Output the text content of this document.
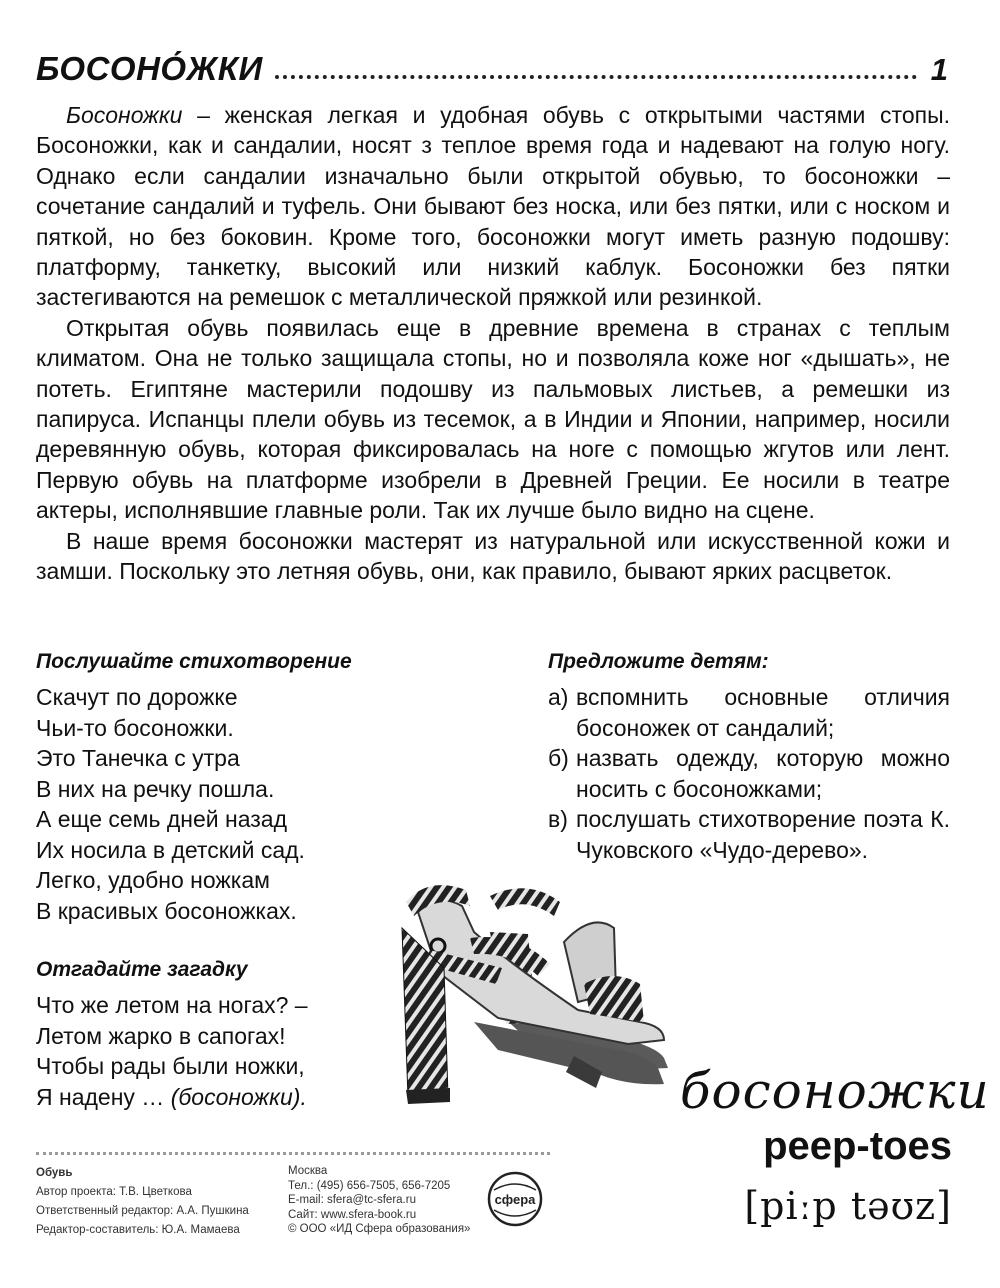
БОСОНО́ЖКИ	1

Босоножки – женская легкая и удобная обувь с открытыми частями стопы. Босоножки, как и сандалии, носят з теплое время года и надевают на голую ногу. Однако если сандалии изначально были открытой обувью, то босоножки – сочетание сандалий и туфель. Они бывают без носка, или без пятки, или с носком и пяткой, но без боковин. Кроме того, босоножки могут иметь разную подошву: платформу, танкетку, высокий или низкий каблук. Босоножки без пятки застегиваются на ремешок с металлической пряжкой или резинкой.

Открытая обувь появилась еще в древние времена в странах с теплым климатом. Она не только защищала стопы, но и позволяла коже ног «дышать», не потеть. Египтяне мастерили подошву из пальмовых листьев, а ремешки из папируса. Испанцы плели обувь из тесемок, а в Индии и Японии, например, носили деревянную обувь, которая фиксировалась на ноге с помощью жгутов или лент. Первую обувь на платформе изобрели в Древней Греции. Ее носили в театре актеры, исполнявшие главные роли. Так их лучше было видно на сцене.

В наше время босоножки мастерят из натуральной или искусственной кожи и замши. Поскольку это летняя обувь, они, как правило, бывают ярких расцветок.

Послушайте стихотворение
Скачут по дорожке
Чьи-то босоножки.
Это Танечка с утра
В них на речку пошла.
А еще семь дней назад
Их носила в детский сад.
Легко, удобно ножкам
В красивых босоножках.
Отгадайте загадку
Что же летом на ногах? –
Летом жарко в сапогах!
Чтобы рады были ножки,
Я надену … (босоножки).
Предложите детям:
а) вспомнить основные отличия босоножек от сандалий;
б) назвать одежду, которую можно носить с босоножками;
в) послушать стихотворение поэта К. Чуковского «Чудо-дерево».
босоножки
peep-toes
[piːp təʊz]
Обувь
Автор проекта: Т.В. Цветкова
Ответственный редактор: А.А. Пушкина
Редактор-составитель: Ю.А. Мамаева
Москва
Тел.: (495) 656-7505, 656-7205
E-mail: sfera@tc-sfera.ru
Сайт: www.sfera-book.ru
© ООО «ИД Сфера образования»
сфера
